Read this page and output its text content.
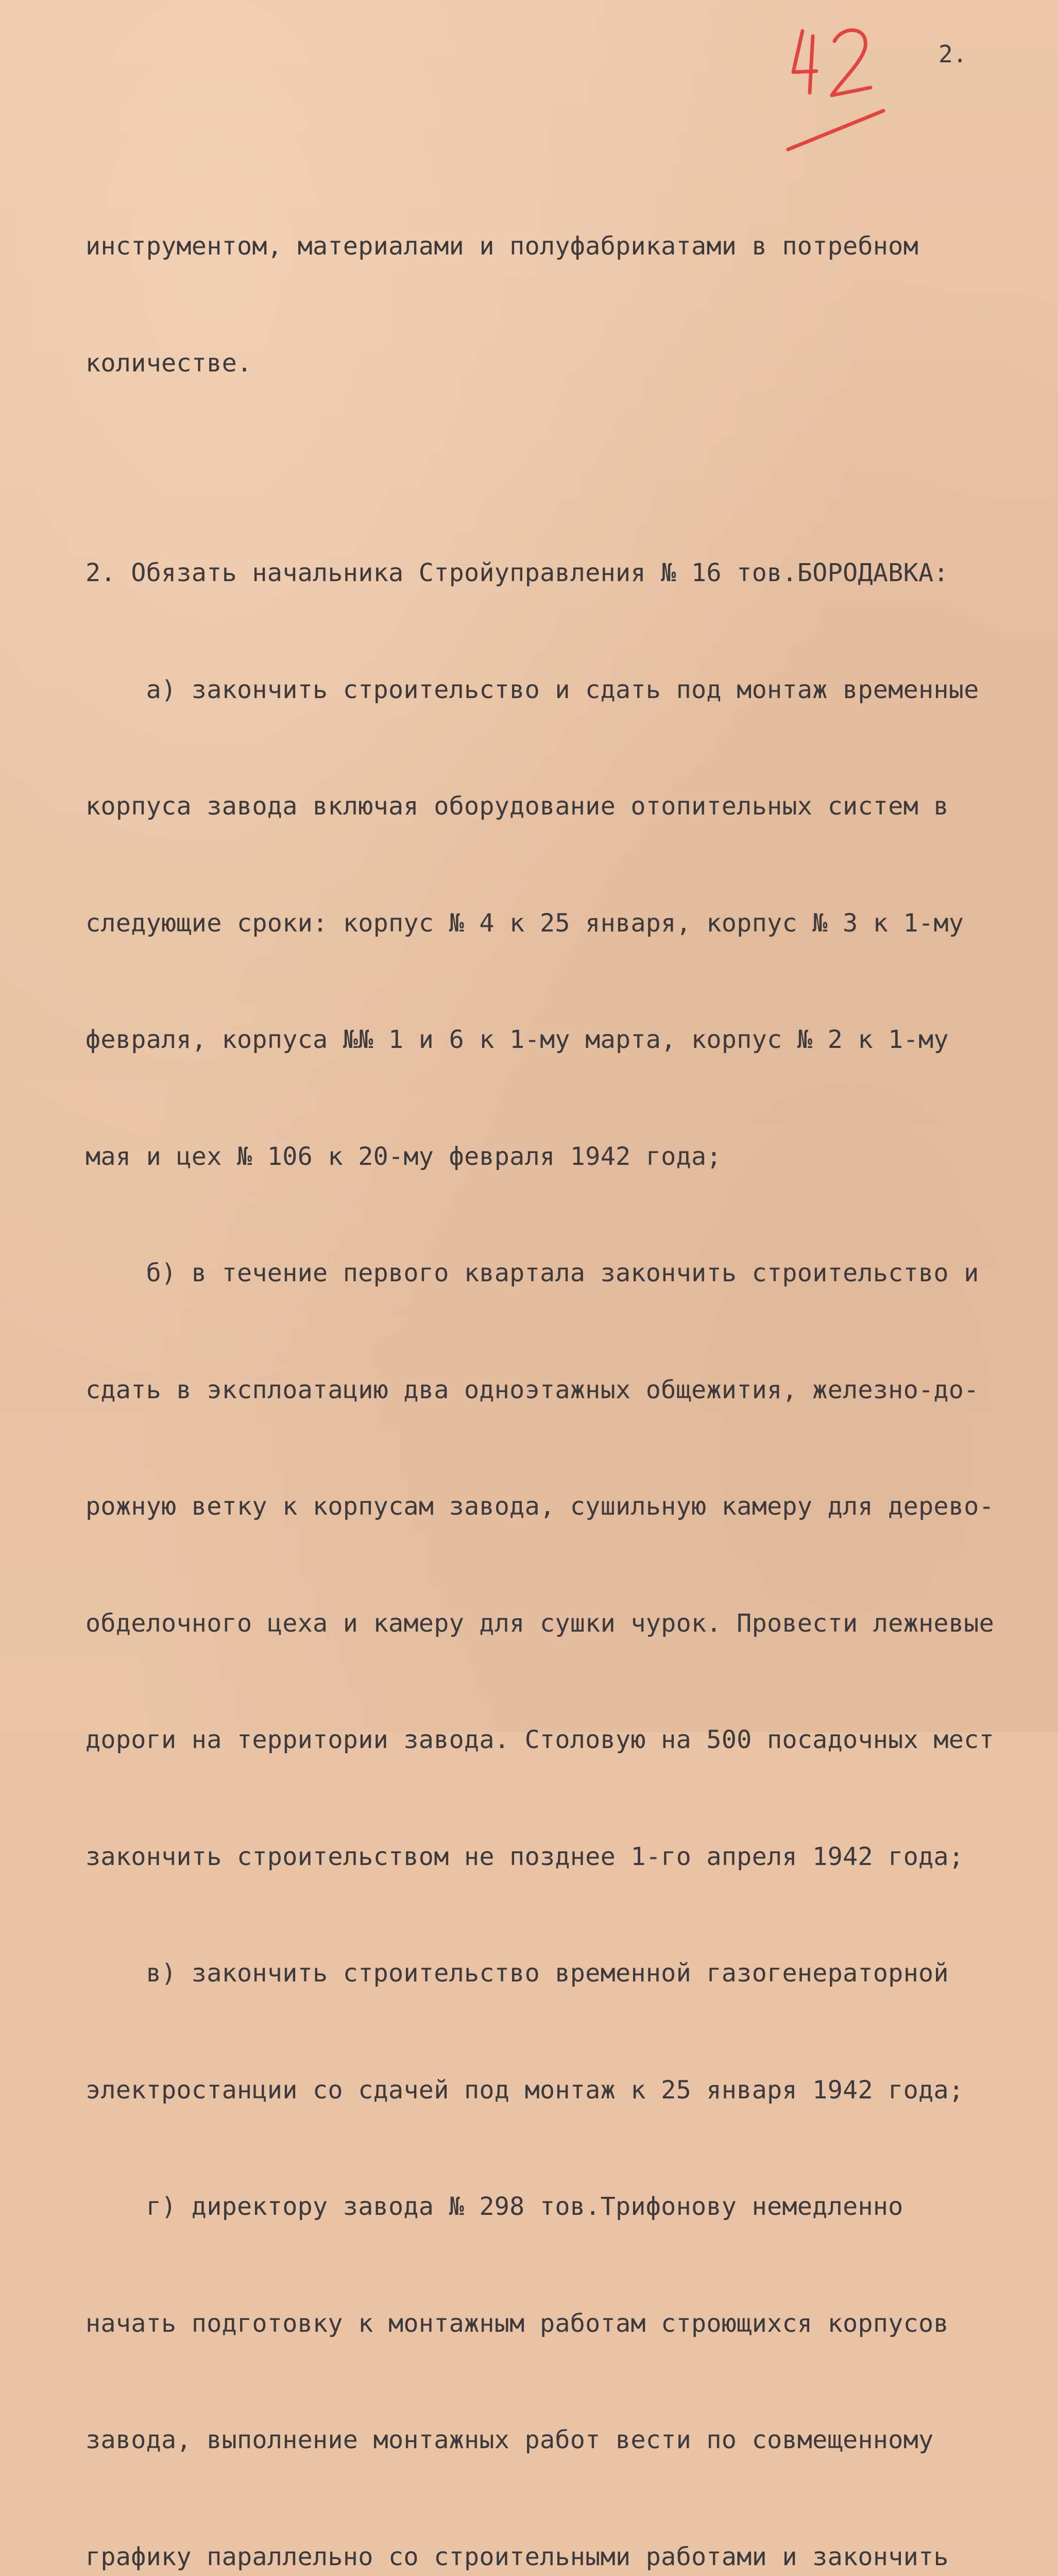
2.

инструментом, материалами и полуфабрикатами в потребном

количестве.

2. Обязать начальника Стройуправления № 16 тов.БОРОДАВКА:

а) закончить строительство и сдать под монтаж временные

корпуса завода включая оборудование отопительных систем в

следующие сроки: корпус № 4 к 25 января, корпус № 3 к 1-му

февраля, корпуса №№ 1 и 6 к 1-му марта, корпус № 2 к 1-му

мая и цех № 106 к 20-му февраля 1942 года;

б) в течение первого квартала закончить строительство и

сдать в эксплоатацию два одноэтажных общежития, железно-до-

рожную ветку к корпусам завода, сушильную камеру для дерево-

обделочного цеха и камеру для сушки чурок. Провести лежневые

дороги на территории завода. Столовую на 500 посадочных мест

закончить строительством не позднее 1-го апреля 1942 года;

в) закончить строительство временной газогенераторной

электростанции со сдачей под монтаж к 25 января 1942 года;

г) директору завода № 298 тов.Трифонову немедленно

начать подготовку к монтажным работам строющихся корпусов

завода, выполнение монтажных работ вести по совмещенному

графику параллельно со строительными работами и закончить
